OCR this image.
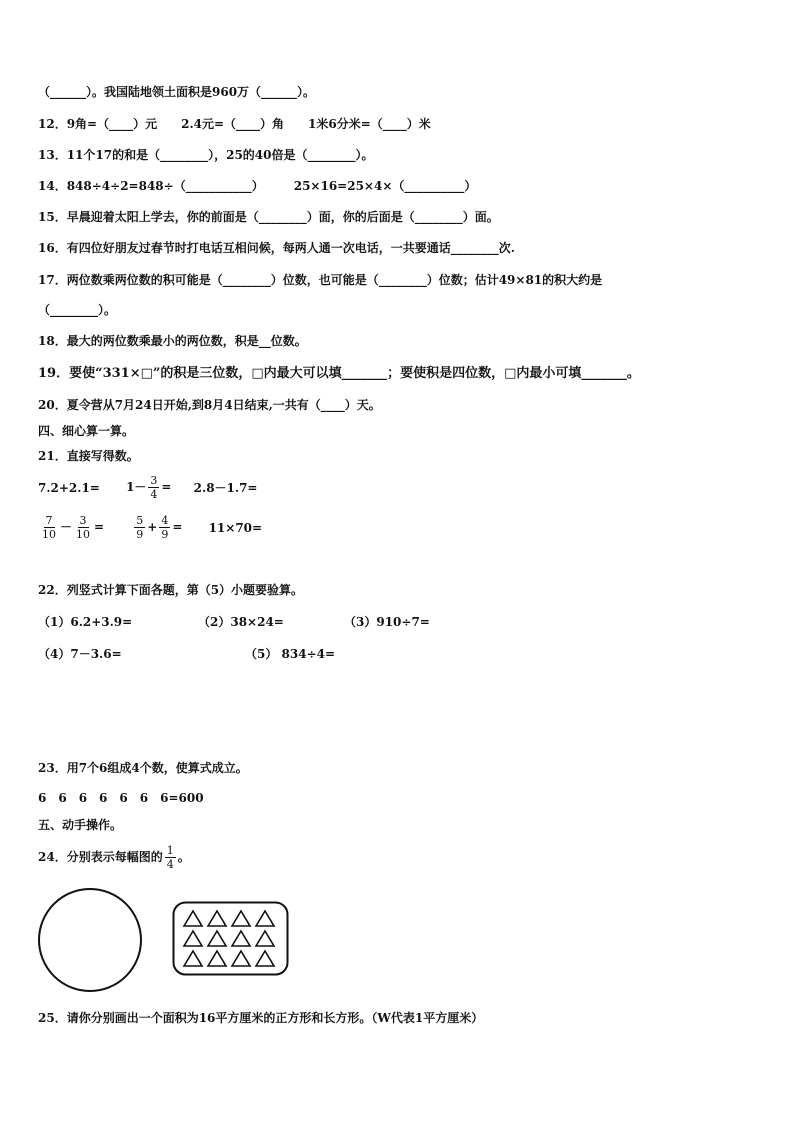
（______）。我国陆地领土面积是960万（______）。
12．9角=（____）元　　2.4元=（____）角　　1米6分米=（____）米
13．11个17的和是（________），25的40倍是（________）。
14．848÷4÷2=848÷（___________）　　　25×16=25×4×（__________）
15．早晨迎着太阳上学去，你的前面是（________）面，你的后面是（________）面。
16．有四位好朋友过春节时打电话互相问候，每两人通一次电话，一共要通话________次.
17．两位数乘两位数的积可能是（________）位数，也可能是（________）位数；估计49×81的积大约是
（________）。
18．最大的两位数乘最小的两位数，积是__位数。
19．要使“331×□”的积是三位数，□内最大可以填_______；要使积是四位数，□内最小可填_______。
20．夏令营从7月24日开始,到8月4日结束,一共有（____）天。
四、细心算一算。
21．直接写得数。
$7.2+2.1= 1- \frac{3}{4} = 2.8-1.7=$
$\frac{7}{10} - \frac{3}{10}$ =	$\frac{5}{9} + \frac{4}{9} = 11\times 70=$
22．列竖式计算下面各题，第（5）小题要验算。
（1）6.2+3.9=	（2）38×24=	（3）910÷7=
（4）7－3.6=	（5） 834÷4=
23．用7个6组成4个数，使算式成立。
6　6　6　6　6　6　6=600
五、动手操作。
24．分别表示每幅图的 $\frac{1}{4}$ 。
25．请你分别画出一个面积为16平方厘米的正方形和长方形。（W代表1平方厘米）
